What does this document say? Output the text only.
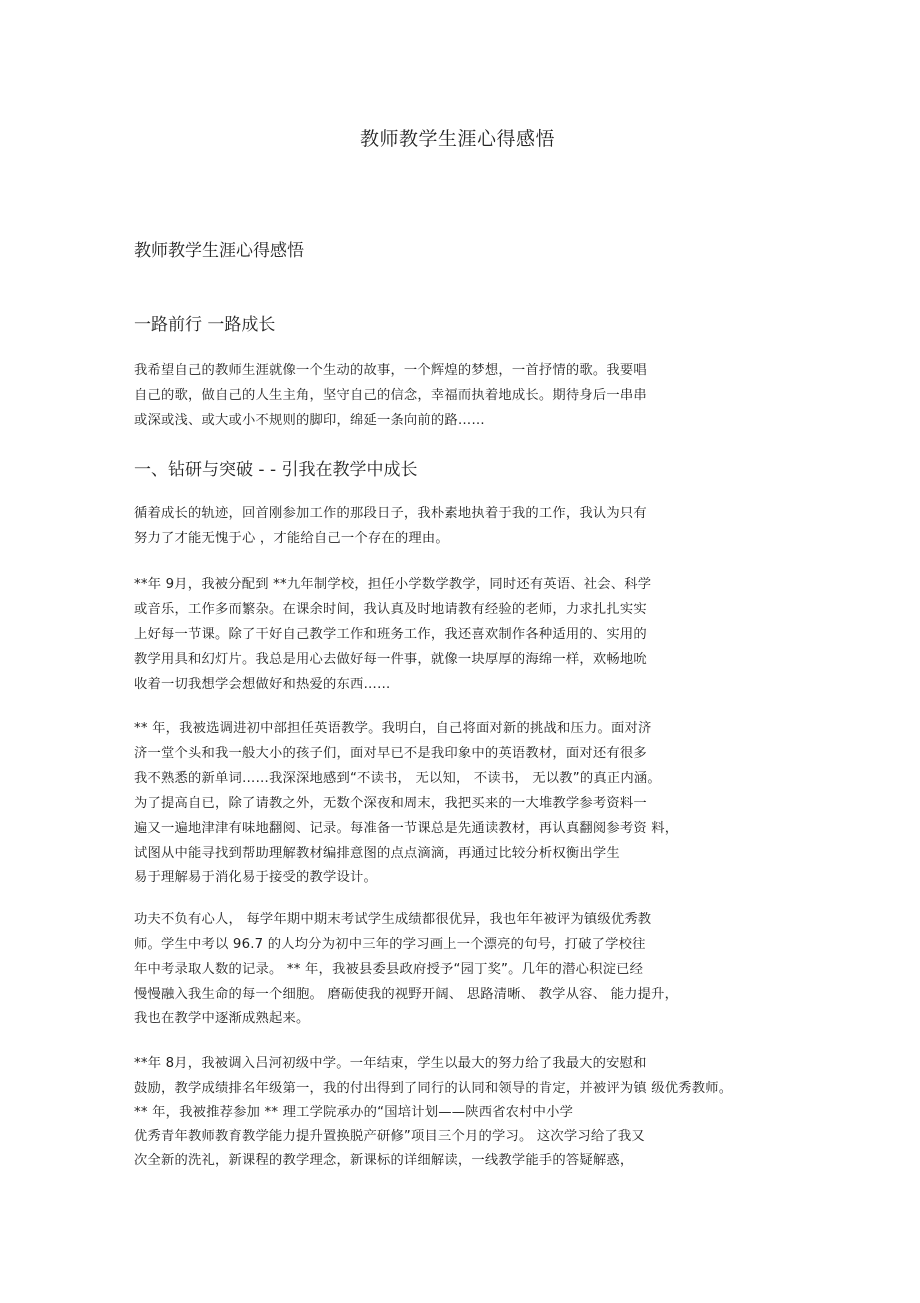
教师教学生涯心得感悟
教师教学生涯心得感悟
一路前行 一路成长
我希望自己的教师生涯就像一个生动的故事，一个辉煌的梦想，一首抒情的歌。我要唱
自己的歌，做自己的人生主角，坚守自己的信念，幸福而执着地成长。期待身后一串串
或深或浅、或大或小不规则的脚印，绵延一条向前的路……
一、钻研与突破 - - 引我在教学中成长
循着成长的轨迹，回首刚参加工作的那段日子，我朴素地执着于我的工作，我认为只有
努力了才能无愧于心 ，才能给自己一个存在的理由。
**年 9月，我被分配到 **九年制学校，担任小学数学教学，同时还有英语、社会、科学
或音乐，工作多而繁杂。在课余时间，我认真及时地请教有经验的老师，力求扎扎实实
上好每一节课。除了干好自己教学工作和班务工作，我还喜欢制作各种适用的、实用的
教学用具和幻灯片。我总是用心去做好每一件事，就像一块厚厚的海绵一样，欢畅地吮
收着一切我想学会想做好和热爱的东西……
** 年，我被选调进初中部担任英语教学。我明白，自己将面对新的挑战和压力。面对济
济一堂个头和我一般大小的孩子们，面对早已不是我印象中的英语教材，面对还有很多
我不熟悉的新单词……我深深地感到“不读书， 无以知， 不读书， 无以教”的真正内涵。
为了提高自已，除了请教之外，无数个深夜和周末，我把买来的一大堆教学参考资料一
遍又一遍地津津有味地翻阅、记录。每准备一节课总是先通读教材，再认真翻阅参考资 料，
试图从中能寻找到帮助理解教材编排意图的点点滴滴，再通过比较分析权衡出学生
易于理解易于消化易于接受的教学设计。
功夫不负有心人， 每学年期中期末考试学生成绩都很优异，我也年年被评为镇级优秀教
师。学生中考以 96.7 的人均分为初中三年的学习画上一个漂亮的句号，打破了学校往
年中考录取人数的记录。 ** 年，我被县委县政府授予“园丁奖”。几年的潜心积淀已经
慢慢融入我生命的每一个细胞。 磨砺使我的视野开阔、 思路清晰、 教学从容、 能力提升，
我也在教学中逐渐成熟起来。
**年 8月，我被调入吕河初级中学。一年结束，学生以最大的努力给了我最大的安慰和
鼓励，教学成绩排名年级第一，我的付出得到了同行的认同和领导的肯定，并被评为镇 级优秀教师。
** 年，我被推荐参加 ** 理工学院承办的“国培计划——陕西省农村中小学
优秀青年教师教育教学能力提升置换脱产研修”项目三个月的学习。 这次学习给了我又
次全新的洗礼，新课程的教学理念，新课标的详细解读，一线教学能手的答疑解惑，
